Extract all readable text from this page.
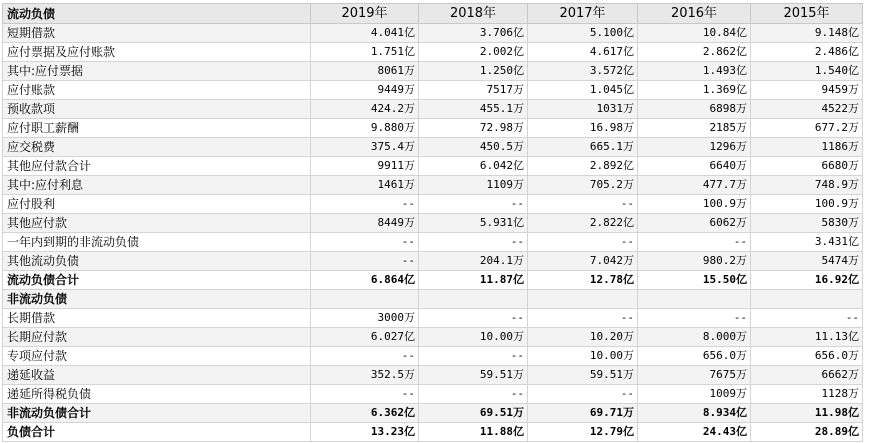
流动负债	2019年	2018年	2017年	2016年	2015年
短期借款	4.041亿	3.706亿	5.100亿	10.84亿	9.148亿
应付票据及应付账款	1.751亿	2.002亿	4.617亿	2.862亿	2.486亿
其中:应付票据	8061万	1.250亿	3.572亿	1.493亿	1.540亿
应付账款	9449万	7517万	1.045亿	1.369亿	9459万
预收款项	424.2万	455.1万	1031万	6898万	4522万
应付职工薪酬	9.880万	72.98万	16.98万	2185万	677.2万
应交税费	375.4万	450.5万	665.1万	1296万	1186万
其他应付款合计	9911万	6.042亿	2.892亿	6640万	6680万
其中:应付利息	1461万	1109万	705.2万	477.7万	748.9万
应付股利	--	--	--	100.9万	100.9万
其他应付款	8449万	5.931亿	2.822亿	6062万	5830万
一年内到期的非流动负债	--	--	--	--	3.431亿
其他流动负债	--	204.1万	7.042万	980.2万	5474万
流动负债合计	6.864亿	11.87亿	12.78亿	15.50亿	16.92亿
非流动负债					
长期借款	3000万	--	--	--	--
长期应付款	6.027亿	10.00万	10.20万	8.000万	11.13亿
专项应付款	--	--	10.00万	656.0万	656.0万
递延收益	352.5万	59.51万	59.51万	7675万	6662万
递延所得税负债	--	--	--	1009万	1128万
非流动负债合计	6.362亿	69.51万	69.71万	8.934亿	11.98亿
负债合计	13.23亿	11.88亿	12.79亿	24.43亿	28.89亿
